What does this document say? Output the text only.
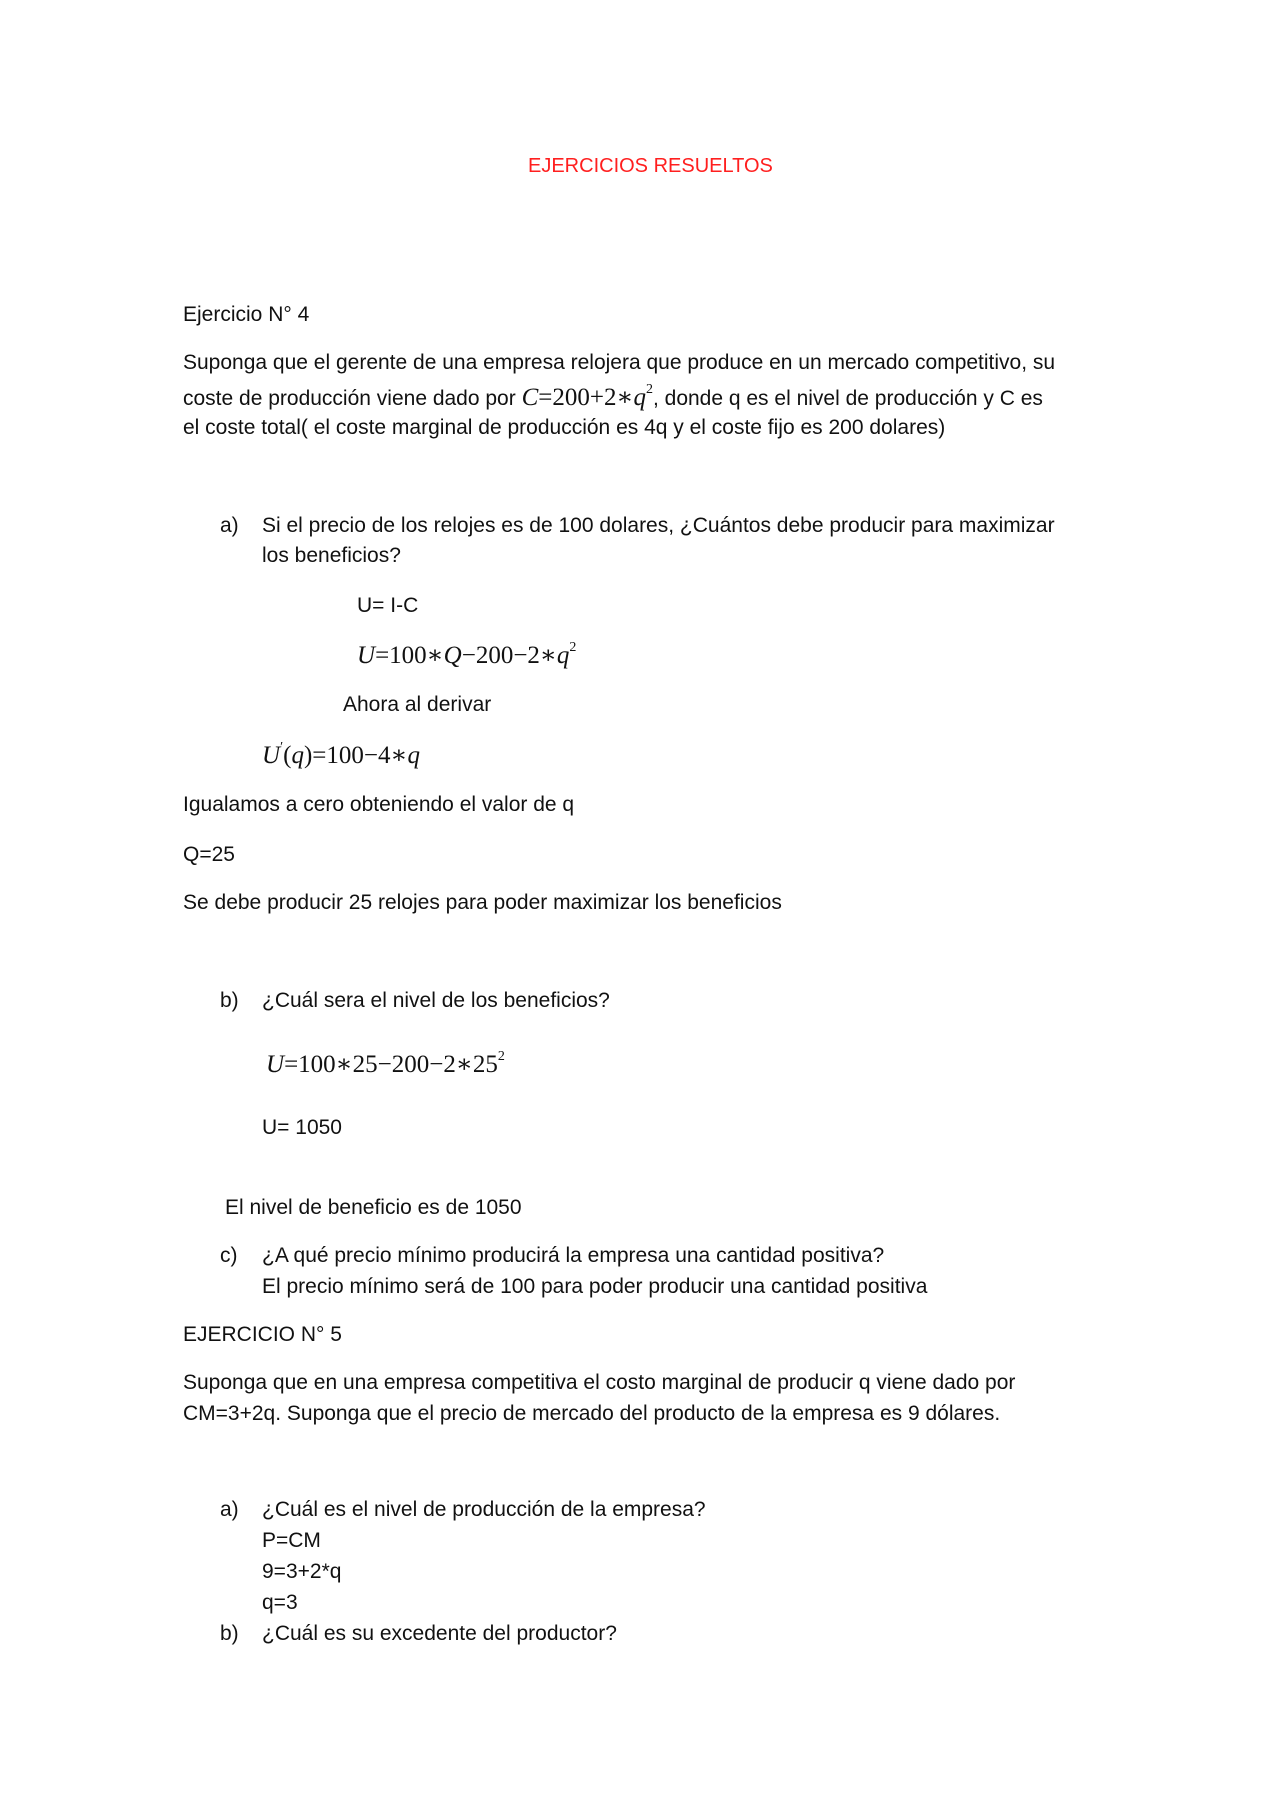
EJERCICIOS RESUELTOS
Ejercicio N° 4
Suponga que el gerente de una empresa relojera que produce en un mercado competitivo, su
coste de producción viene dado por $C=200+2∗q^2$, donde q es el nivel de producción y C es
el coste total( el coste marginal de producción es 4q y el coste fijo es 200 dolares)
a)	Si el precio de los relojes es de 100 dolares, ¿Cuántos debe producir para maximizar
los beneficios?
U= I-C
$U=100∗Q-200-2∗q^2$
Ahora al derivar
U′(q)=100−4∗q
Igualamos a cero obteniendo el valor de q
Q=25
Se debe producir 25 relojes para poder maximizar los beneficios
b)	¿Cuál sera el nivel de los beneficios?
$U=100∗25-200-2∗25^2$
U= 1050
El nivel de beneficio es de 1050
c)	¿A qué precio mínimo producirá la empresa una cantidad positiva?
El precio mínimo será de 100 para poder producir una cantidad positiva
EJERCICIO N° 5
Suponga que en una empresa competitiva el costo marginal de producir q viene dado por
CM=3+2q. Suponga que el precio de mercado del producto de la empresa es 9 dólares.
a)	¿Cuál es el nivel de producción de la empresa?
P=CM
9=3+2*q
q=3
b)	¿Cuál es su excedente del productor?
